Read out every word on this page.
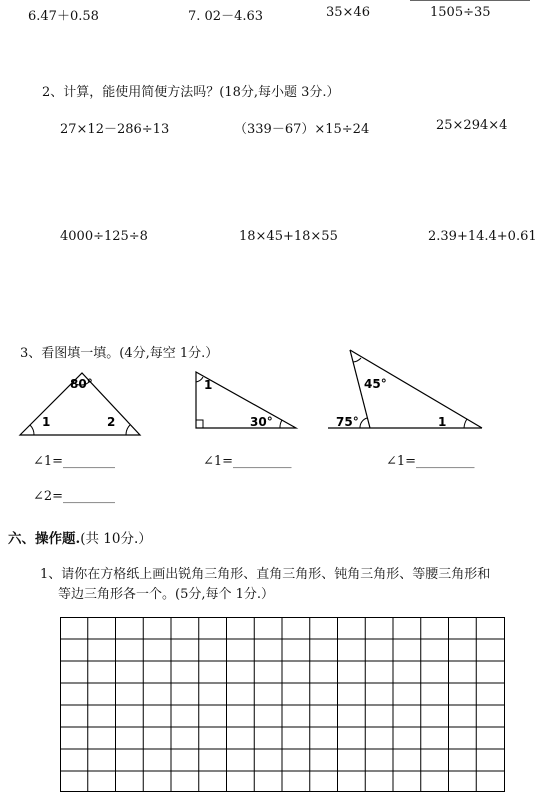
6.47＋0.58	7. 02－4.63	35×46	1505÷35
2、计算，能使用简便方法吗？(18分,每小题 3分.）
27×12－286÷13	（339－67）×15÷24	25×294×4
4000÷125÷8	18×45+18×55	2.39+14.4+0.61
3、看图填一填。(4分,每空 1分.）
80°
1	2
1
30°
45°
75°	1
∠1=________	∠1=_________	∠1=_________
∠2=________
六、操作题.(共 10分.）
1、请你在方格纸上画出锐角三角形、直角三角形、钝角三角形、等腰三角形和
等边三角形各一个。(5分,每个 1分.）
